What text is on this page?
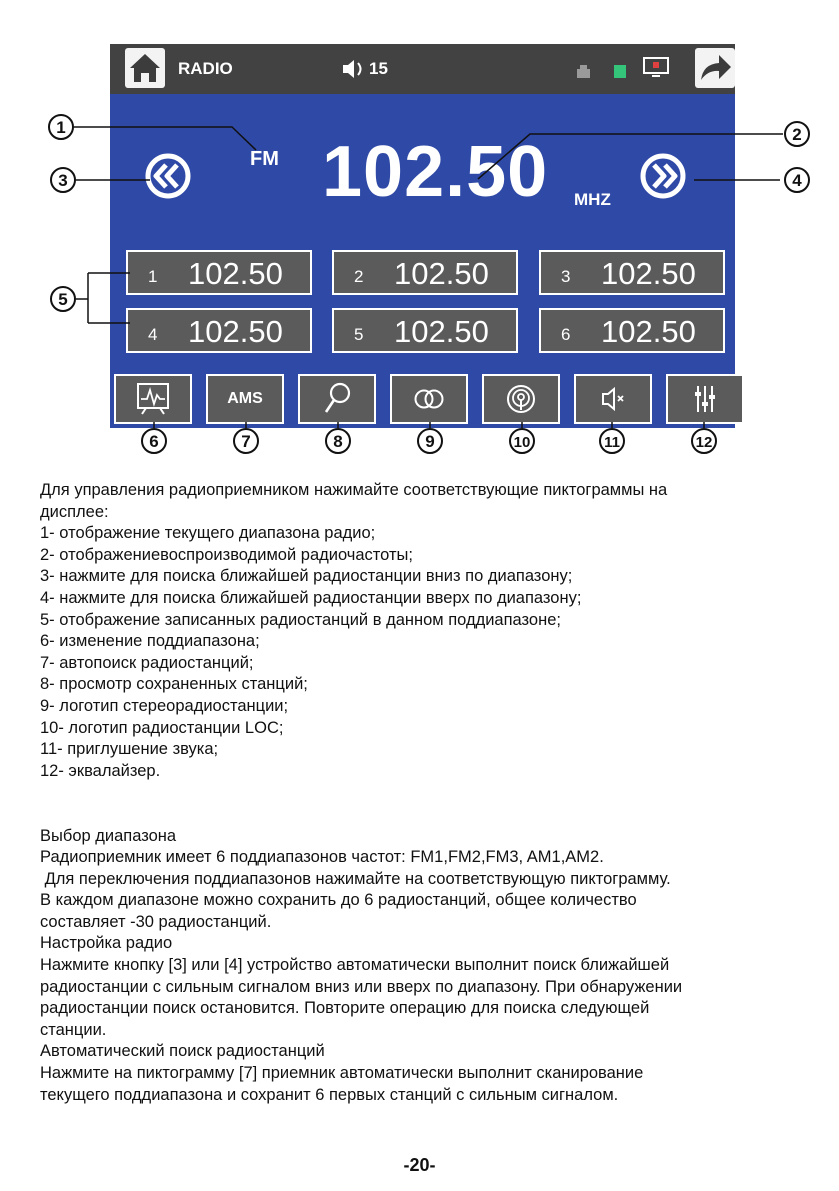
RADIO	15
FM 102.50 MHZ
1 102.50	2 102.50	3 102.50
4 102.50	5 102.50	6 102.50
AMS
1	2
3	4
5
6	7	8	9	10	11	12

Для управления радиоприемником нажимайте соответствующие пиктограммы на

дисплее:

1- отображение текущего диапазона радио;

2- отображениевоспроизводимой радиочастоты;

3- нажмите для поиска ближайшей радиостанции вниз по диапазону;

4- нажмите для поиска ближайшей радиостанции вверх по диапазону;

5- отображение записанных радиостанций в данном поддиапазоне;

6- изменение поддиапазона;

7- автопоиск радиостанций;

8- просмотр сохраненных станций;

9- логотип стереорадиостанции;

10- логотип радиостанции LOC;

11- приглушение звука;

12- эквалайзер.

Выбор диапазона

Радиоприемник имеет 6 поддиапазонов частот: FM1,FM2,FM3, AM1,AM2.

Для переключения поддиапазонов нажимайте на соответствующую пиктограмму.

В каждом диапазоне можно сохранить до 6 радиостанций, общее количество

составляет -30 радиостанций.

Настройка радио

Нажмите кнопку [3] или [4] устройство автоматически выполнит поиск ближайшей

радиостанции с сильным сигналом вниз или вверх по диапазону. При обнаружении

радиостанции поиск остановится. Повторите операцию для поиска следующей

станции.

Автоматический поиск радиостанций

Нажмите на пиктограмму [7] приемник автоматически выполнит сканирование

текущего поддиапазона и сохранит 6 первых станций с сильным сигналом.

-20-
